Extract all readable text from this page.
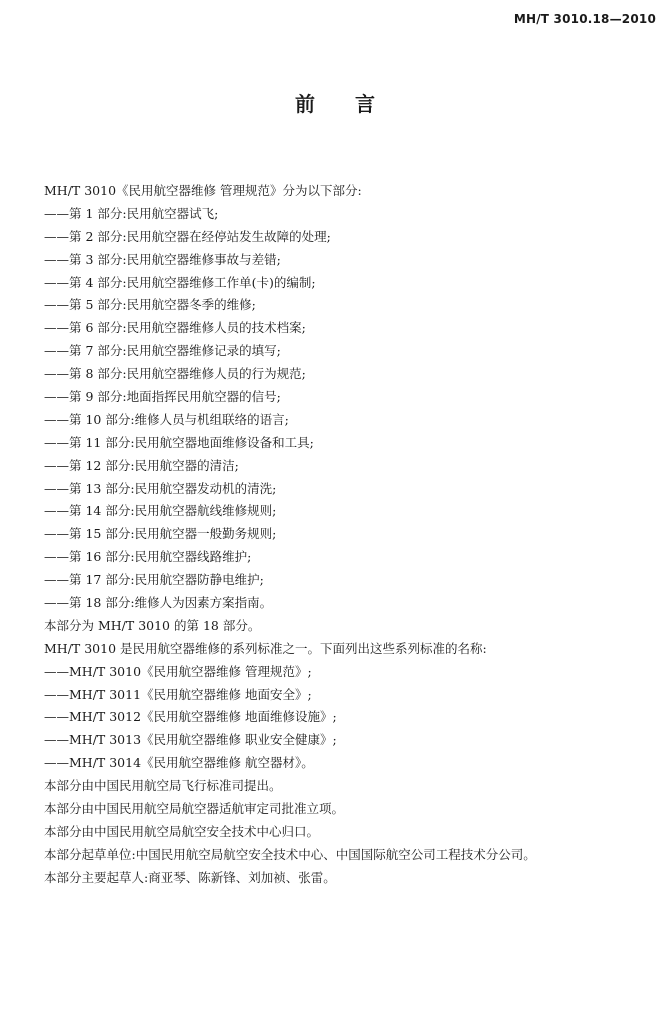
MH/T 3010.18—2010
前言
MH/T 3010《民用航空器维修 管理规范》分为以下部分:
——第 1 部分:民用航空器试飞;
——第 2 部分:民用航空器在经停站发生故障的处理;
——第 3 部分:民用航空器维修事故与差错;
——第 4 部分:民用航空器维修工作单(卡)的编制;
——第 5 部分:民用航空器冬季的维修;
——第 6 部分:民用航空器维修人员的技术档案;
——第 7 部分:民用航空器维修记录的填写;
——第 8 部分:民用航空器维修人员的行为规范;
——第 9 部分:地面指挥民用航空器的信号;
——第 10 部分:维修人员与机组联络的语言;
——第 11 部分:民用航空器地面维修设备和工具;
——第 12 部分:民用航空器的清洁;
——第 13 部分:民用航空器发动机的清洗;
——第 14 部分:民用航空器航线维修规则;
——第 15 部分:民用航空器一般勤务规则;
——第 16 部分:民用航空器线路维护;
——第 17 部分:民用航空器防静电维护;
——第 18 部分:维修人为因素方案指南。
本部分为 MH/T 3010 的第 18 部分。
MH/T 3010 是民用航空器维修的系列标准之一。下面列出这些系列标准的名称:
——MH/T 3010《民用航空器维修 管理规范》;
——MH/T 3011《民用航空器维修 地面安全》;
——MH/T 3012《民用航空器维修 地面维修设施》;
——MH/T 3013《民用航空器维修 职业安全健康》;
——MH/T 3014《民用航空器维修 航空器材》。
本部分由中国民用航空局飞行标准司提出。
本部分由中国民用航空局航空器适航审定司批准立项。
本部分由中国民用航空局航空安全技术中心归口。
本部分起草单位:中国民用航空局航空安全技术中心、中国国际航空公司工程技术分公司。
本部分主要起草人:商亚琴、陈新锋、刘加祯、张雷。
